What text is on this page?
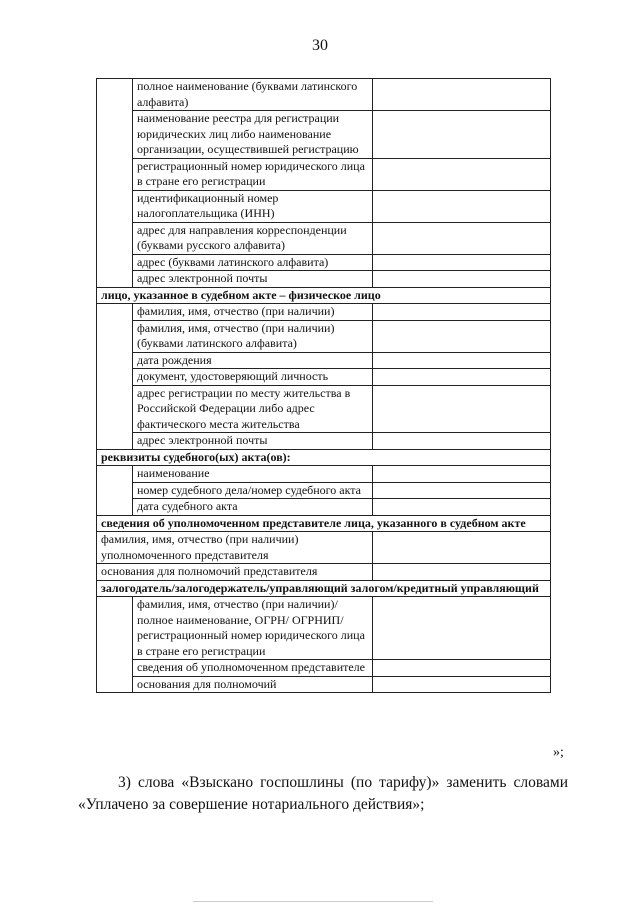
30
	полное наименование (буквами латинского алфавита)	
	наименование реестра для регистрации юридических лиц либо наименование организации, осуществившей регистрацию	
	регистрационный номер юридического лица в стране его регистрации	
	идентификационный номер налогоплательщика (ИНН)	
	адрес для направления корреспонденции (буквами русского алфавита)	
	адрес (буквами латинского алфавита)	
	адрес электронной почты	
лицо, указанное в судебном акте – физическое лицо		
	фамилия, имя, отчество (при наличии)	
	фамилия, имя, отчество (при наличии) (буквами латинского алфавита)	
	дата рождения	
	документ, удостоверяющий личность	
	адрес регистрации по месту жительства в Российской Федерации либо адрес фактического места жительства	
	адрес электронной почты	
реквизиты судебного(ых) акта(ов):		
	наименование	
	номер судебного дела/номер судебного акта	
	дата судебного акта	
сведения об уполномоченном представителе лица, указанного в судебном акте		
фамилия, имя, отчество (при наличии) уполномоченного представителя		
основания для полномочий представителя		
залогодатель/залогодержатель/управляющий залогом/кредитный управляющий		
	фамилия, имя, отчество (при наличии)/полное наименование, ОГРН/ ОГРНИП/ регистрационный номер юридического лица в стране его регистрации	
	сведения об уполномоченном представителе	
	основания для полномочий	
»;
3) слова «Взыскано госпошлины (по тарифу)» заменить словами «Уплачено за совершение нотариального действия»;
